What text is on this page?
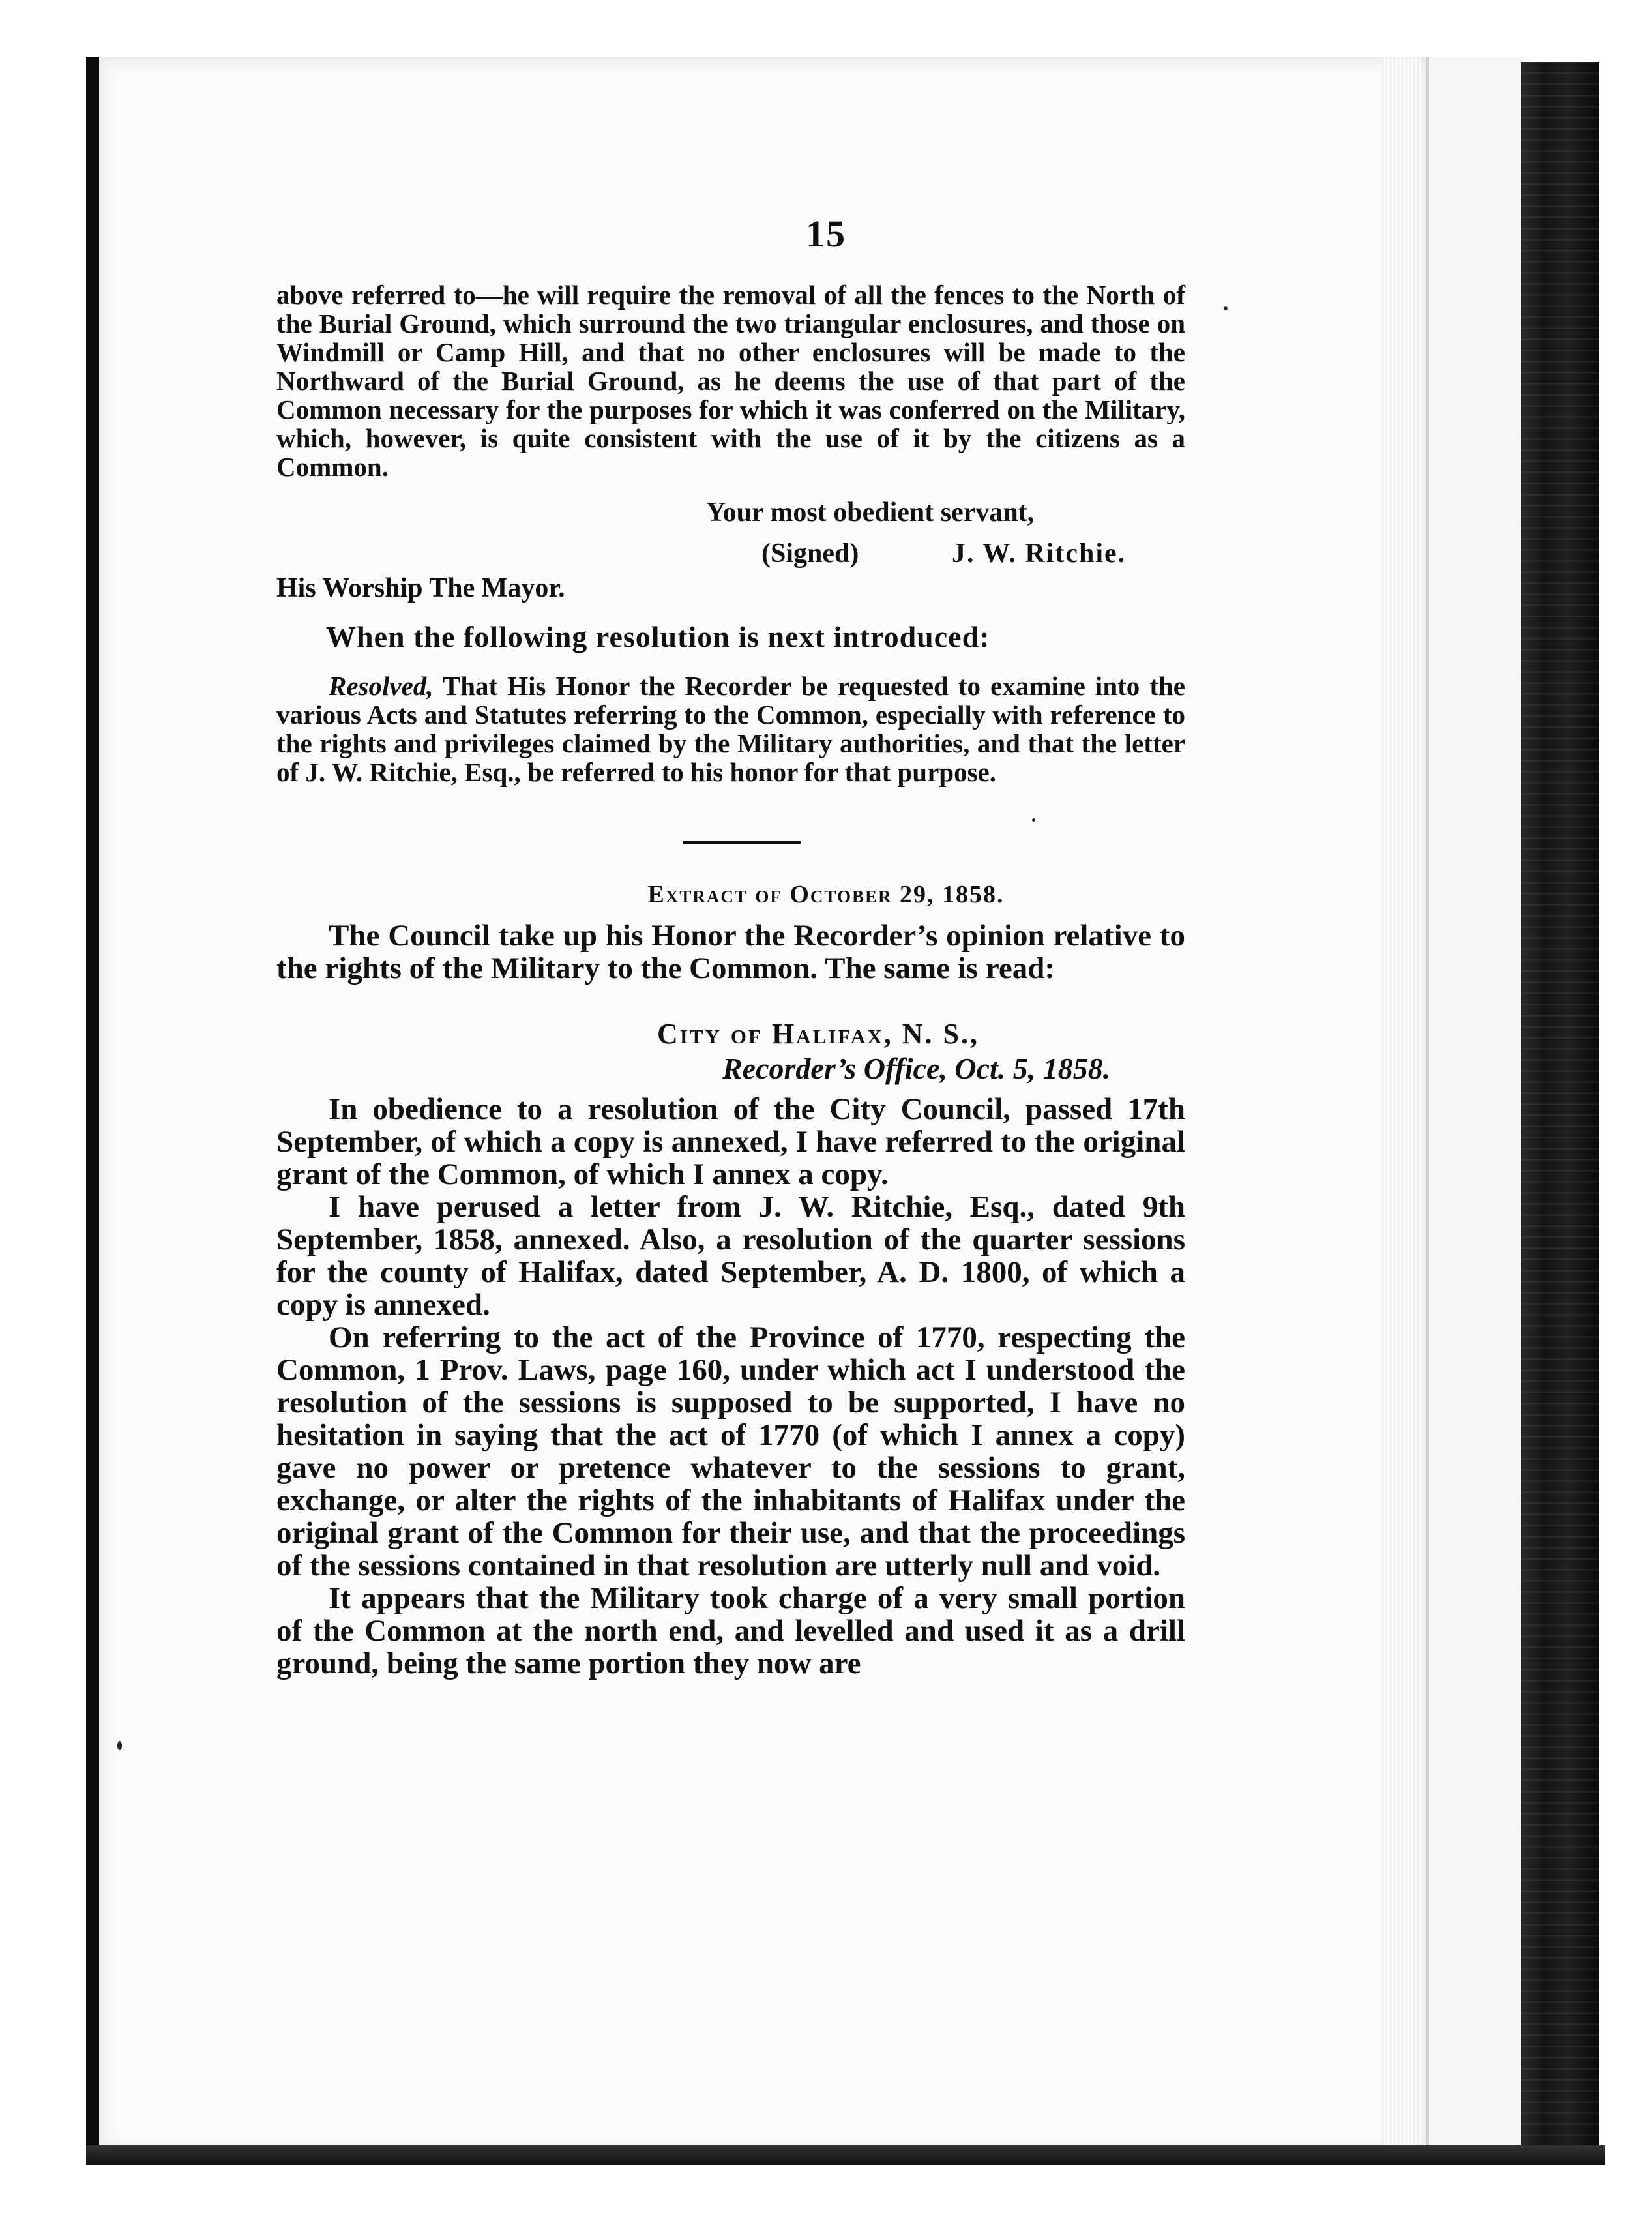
15

above referred to—he will require the removal of all the fences to the North of the Burial Ground, which surround the two triangular enclosures, and those on Windmill or Camp Hill, and that no other enclosures will be made to the Northward of the Burial Ground, as he deems the use of that part of the Common necessary for the purposes for which it was conferred on the Military, which, however, is quite consistent with the use of it by the citizens as a Common.

Your most obedient servant,
(Signed)	J. W. Ritchie.
His Worship The Mayor.
When the following resolution is next introduced:

Resolved, That His Honor the Recorder be requested to examine into the various Acts and Statutes referring to the Common, especially with reference to the rights and privileges claimed by the Military authorities, and that the letter of J. W. Ritchie, Esq., be referred to his honor for that purpose.

Extract of October 29, 1858.

The Council take up his Honor the Recorder’s opinion relative to the rights of the Military to the Common. The same is read:

City of Halifax, N. S.,
Recorder’s Office, Oct. 5, 1858.

In obedience to a resolution of the City Council, passed 17th September, of which a copy is annexed, I have referred to the original grant of the Common, of which I annex a copy.

I have perused a letter from J. W. Ritchie, Esq., dated 9th September, 1858, annexed. Also, a resolution of the quarter sessions for the county of Halifax, dated September, A. D. 1800, of which a copy is annexed.

On referring to the act of the Province of 1770, respecting the Common, 1 Prov. Laws, page 160, under which act I understood the resolution of the sessions is supposed to be supported, I have no hesitation in saying that the act of 1770 (of which I annex a copy) gave no power or pretence whatever to the sessions to grant, exchange, or alter the rights of the inhabitants of Halifax under the original grant of the Common for their use, and that the proceedings of the sessions contained in that resolution are utterly null and void.

It appears that the Military took charge of a very small portion of the Common at the north end, and levelled and used it as a drill ground, being the same portion they now are
